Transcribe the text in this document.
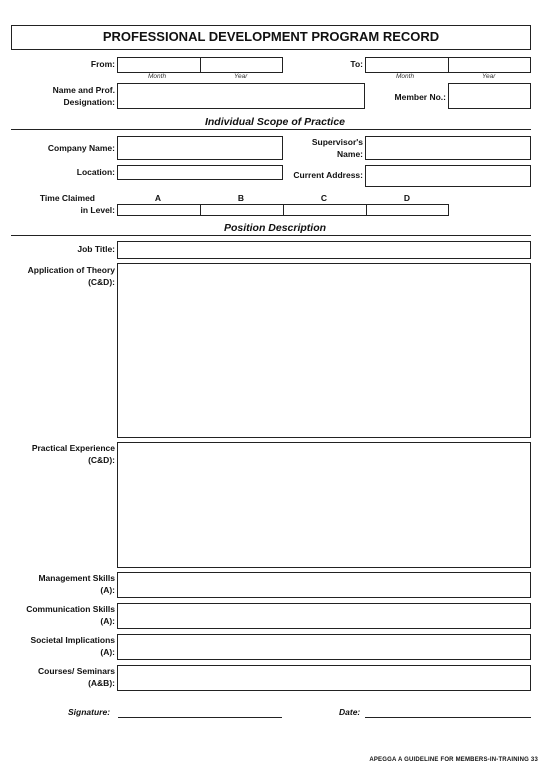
PROFESSIONAL DEVELOPMENT PROGRAM RECORD
From:
Month	Year
To:
Month	Year
Name and Prof.
Designation:	Member No.:
Individual Scope of Practice
Company Name:
Supervisor's
Name:
Location:	Current Address:
Time Claimed
in Level:
A	B	C	D
Position Description
Job Title:
Application of Theory
(C&D):
Practical Experience
(C&D):
Management Skills
(A):
Communication Skills
(A):
Societal Implications
(A):
Courses/ Seminars
(A&B):
Signature:	Date:
APEGGA A GUIDELINE FOR MEMBERS-IN-TRAINING 33
